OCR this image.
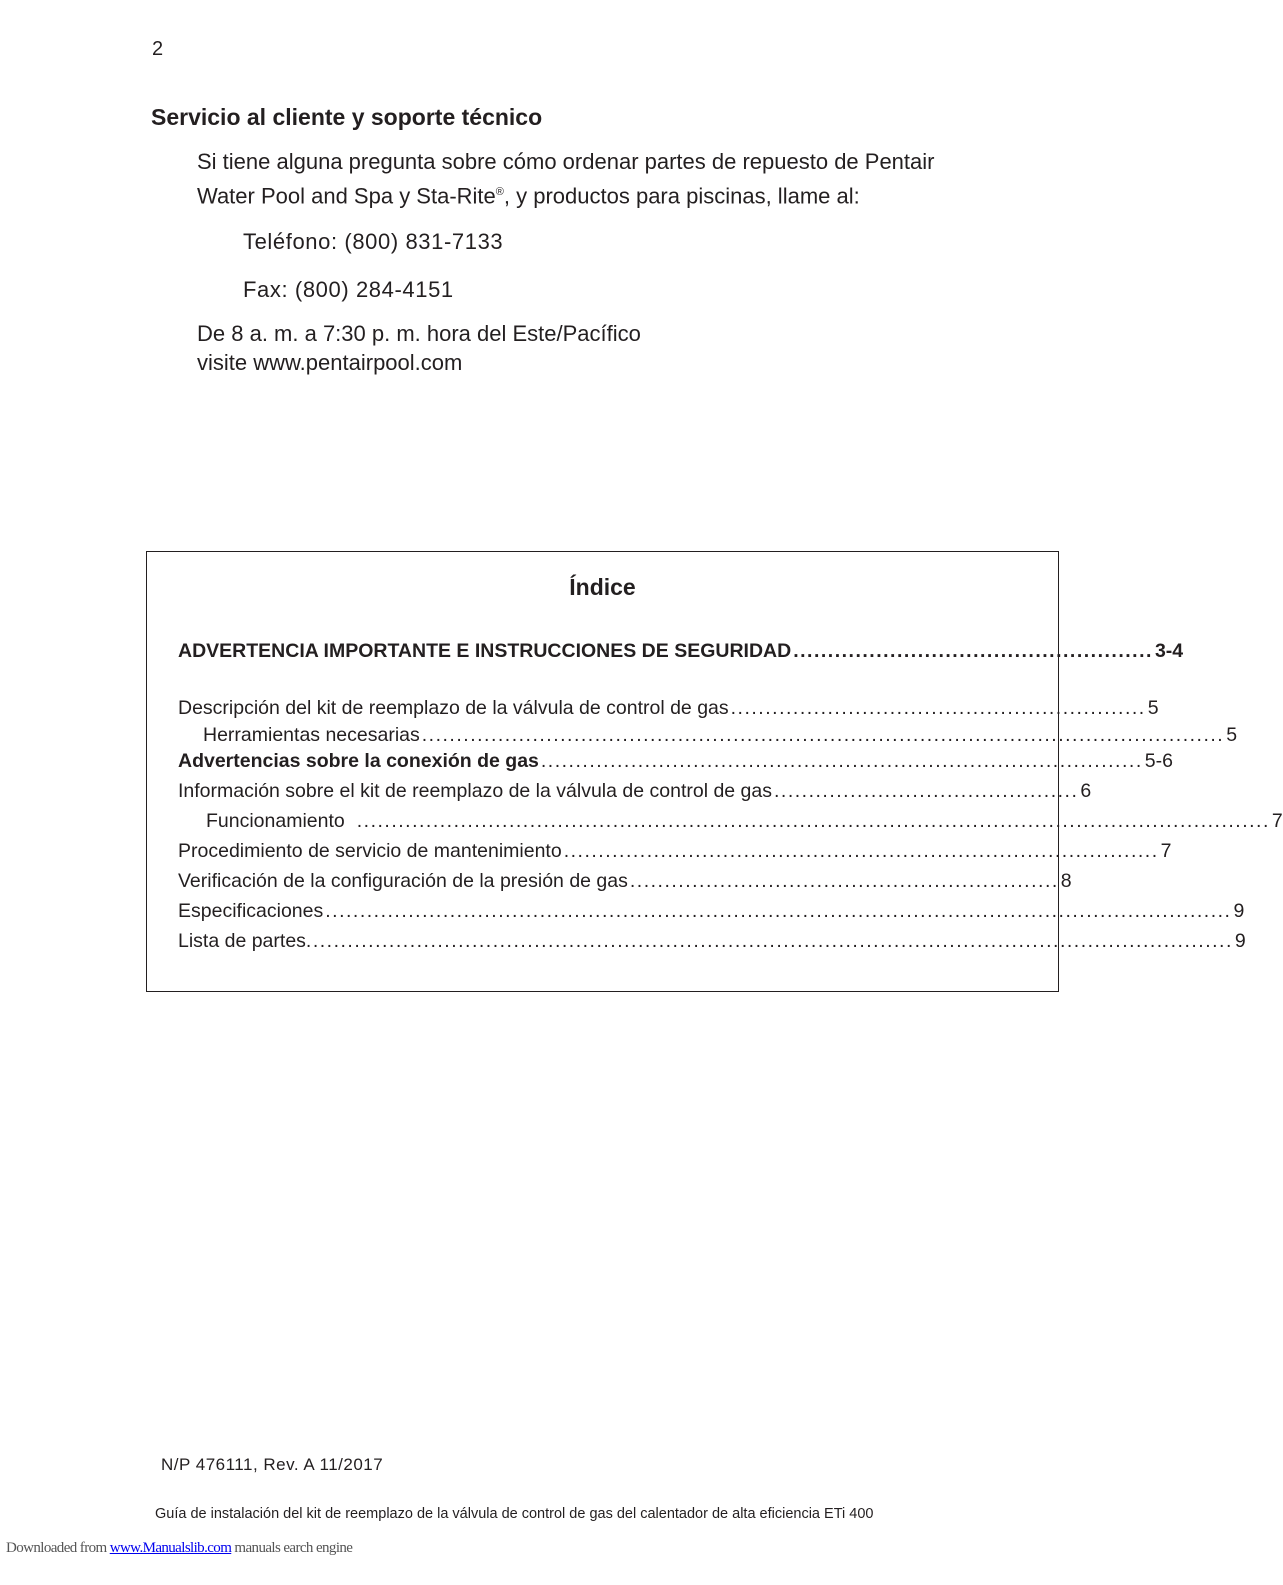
2
Servicio al cliente y soporte técnico
Si tiene alguna pregunta sobre cómo ordenar partes de repuesto de Pentair
Water Pool and Spa y Sta-Rite®, y productos para piscinas, llame al:
Teléfono: (800) 831-7133
Fax: (800) 284-4151
De 8 a. m. a 7:30 p. m. hora del Este/Pacífico
visite www.pentairpool.com
Índice
ADVERTENCIA IMPORTANTE E INSTRUCCIONES DE SEGURIDAD .................................................... 3-4
Descripción del kit de reemplazo de la válvula de control de gas ............................................................ 5
Herramientas necesarias .................................................................................................................... 5
Advertencias sobre la conexión de gas ....................................................................................... 5-6
Información sobre el kit de reemplazo de la válvula de control de gas ............................................ 6
Funcionamiento .................................................................................................................................... 7
Procedimiento de servicio de mantenimiento ...................................................................................... 7
Verificación de la configuración de la presión de gas .............................................................. 8
Especificaciones ................................................................................................................................... 9
Lista de partes ...................................................................................................................................... 9
N/P 476111, Rev. A 11/2017
Guía de instalación del kit de reemplazo de la válvula de control de gas del calentador de alta eficiencia ETi 400
Downloaded from www.Manualslib.com manuals earch engine
